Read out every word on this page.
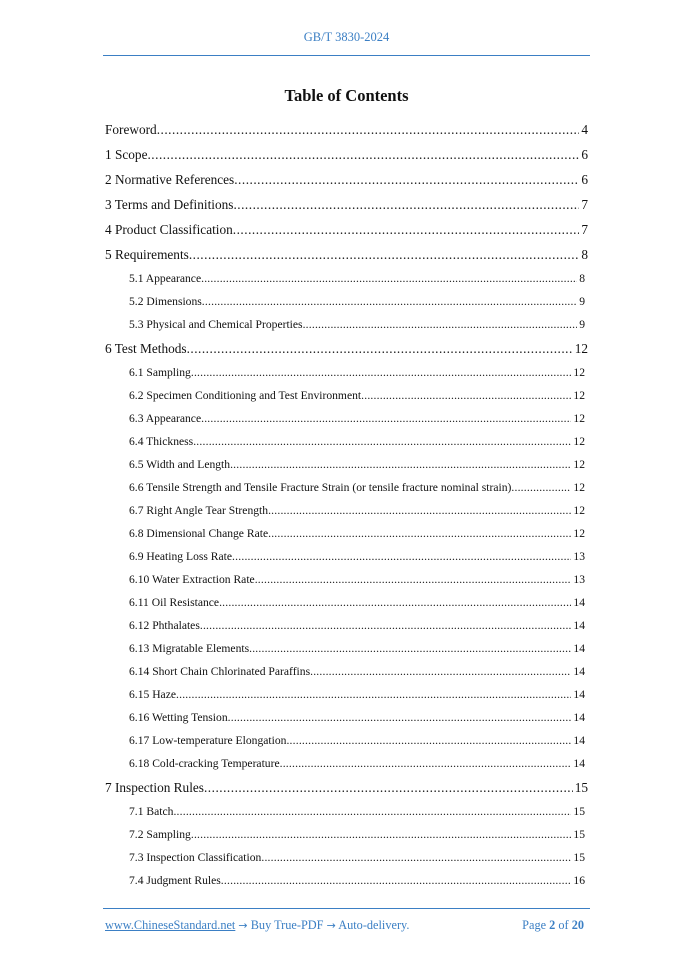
GB/T 3830-2024
Table of Contents
Foreword .....	4
1 Scope .....	6
2 Normative References .....	6
3 Terms and Definitions .....	7
4 Product Classification .....	7
5 Requirements .....	8
5.1 Appearance .....	8
5.2 Dimensions .....	9
5.3 Physical and Chemical Properties .....	9
6 Test Methods .....	12
6.1 Sampling .....	12
6.2 Specimen Conditioning and Test Environment .....	12
6.3 Appearance .....	12
6.4 Thickness .....	12
6.5 Width and Length .....	12
6.6 Tensile Strength and Tensile Fracture Strain (or tensile fracture nominal strain) .....	12
6.7 Right Angle Tear Strength .....	12
6.8 Dimensional Change Rate .....	12
6.9 Heating Loss Rate .....	13
6.10 Water Extraction Rate .....	13
6.11 Oil Resistance .....	14
6.12 Phthalates .....	14
6.13 Migratable Elements .....	14
6.14 Short Chain Chlorinated Paraffins .....	14
6.15 Haze .....	14
6.16 Wetting Tension .....	14
6.17 Low-temperature Elongation .....	14
6.18 Cold-cracking Temperature .....	14
7 Inspection Rules .....	15
7.1 Batch .....	15
7.2 Sampling .....	15
7.3 Inspection Classification .....	15
7.4 Judgment Rules .....	16
www.ChineseStandard.net → Buy True-PDF → Auto-delivery.	Page 2 of 20
